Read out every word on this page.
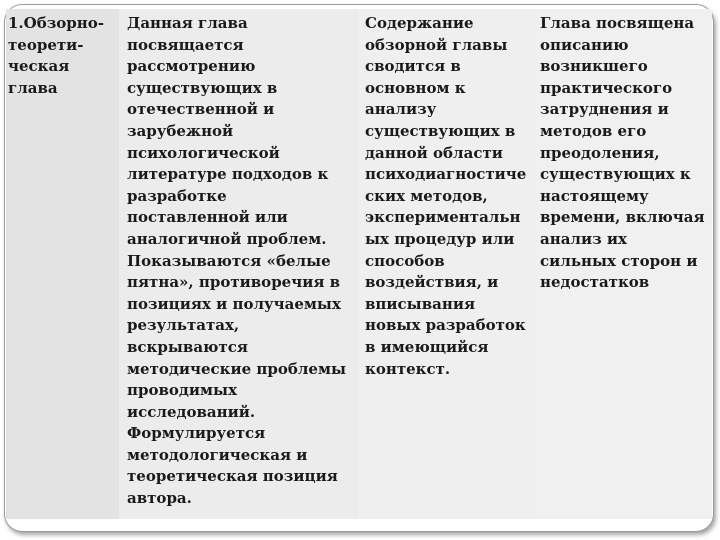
1.Обзорно-
теорети-
ческая
глава
Данная глава
посвящается
рассмотрению
существующих в
отечественной и
зарубежной
психологической
литературе подходов к
разработке
поставленной или
аналогичной проблем.
Показываются «белые
пятна», противоречия в
позициях и получаемых
результатах,
вскрываются
методические проблемы
проводимых
исследований.
Формулируется
методологическая и
теоретическая позиция
автора.
Содержание
обзорной главы
сводится в
основном к
анализу
существующих в
данной области
психодиагностиче
ских методов,
экспериментальн
ых процедур или
способов
воздействия, и
вписывания
новых разработок
в имеющийся
контекст.
Глава посвящена
описанию
возникшего
практического
затруднения и
методов его
преодоления,
существующих к
настоящему
времени, включая
анализ их
сильных сторон и
недостатков
